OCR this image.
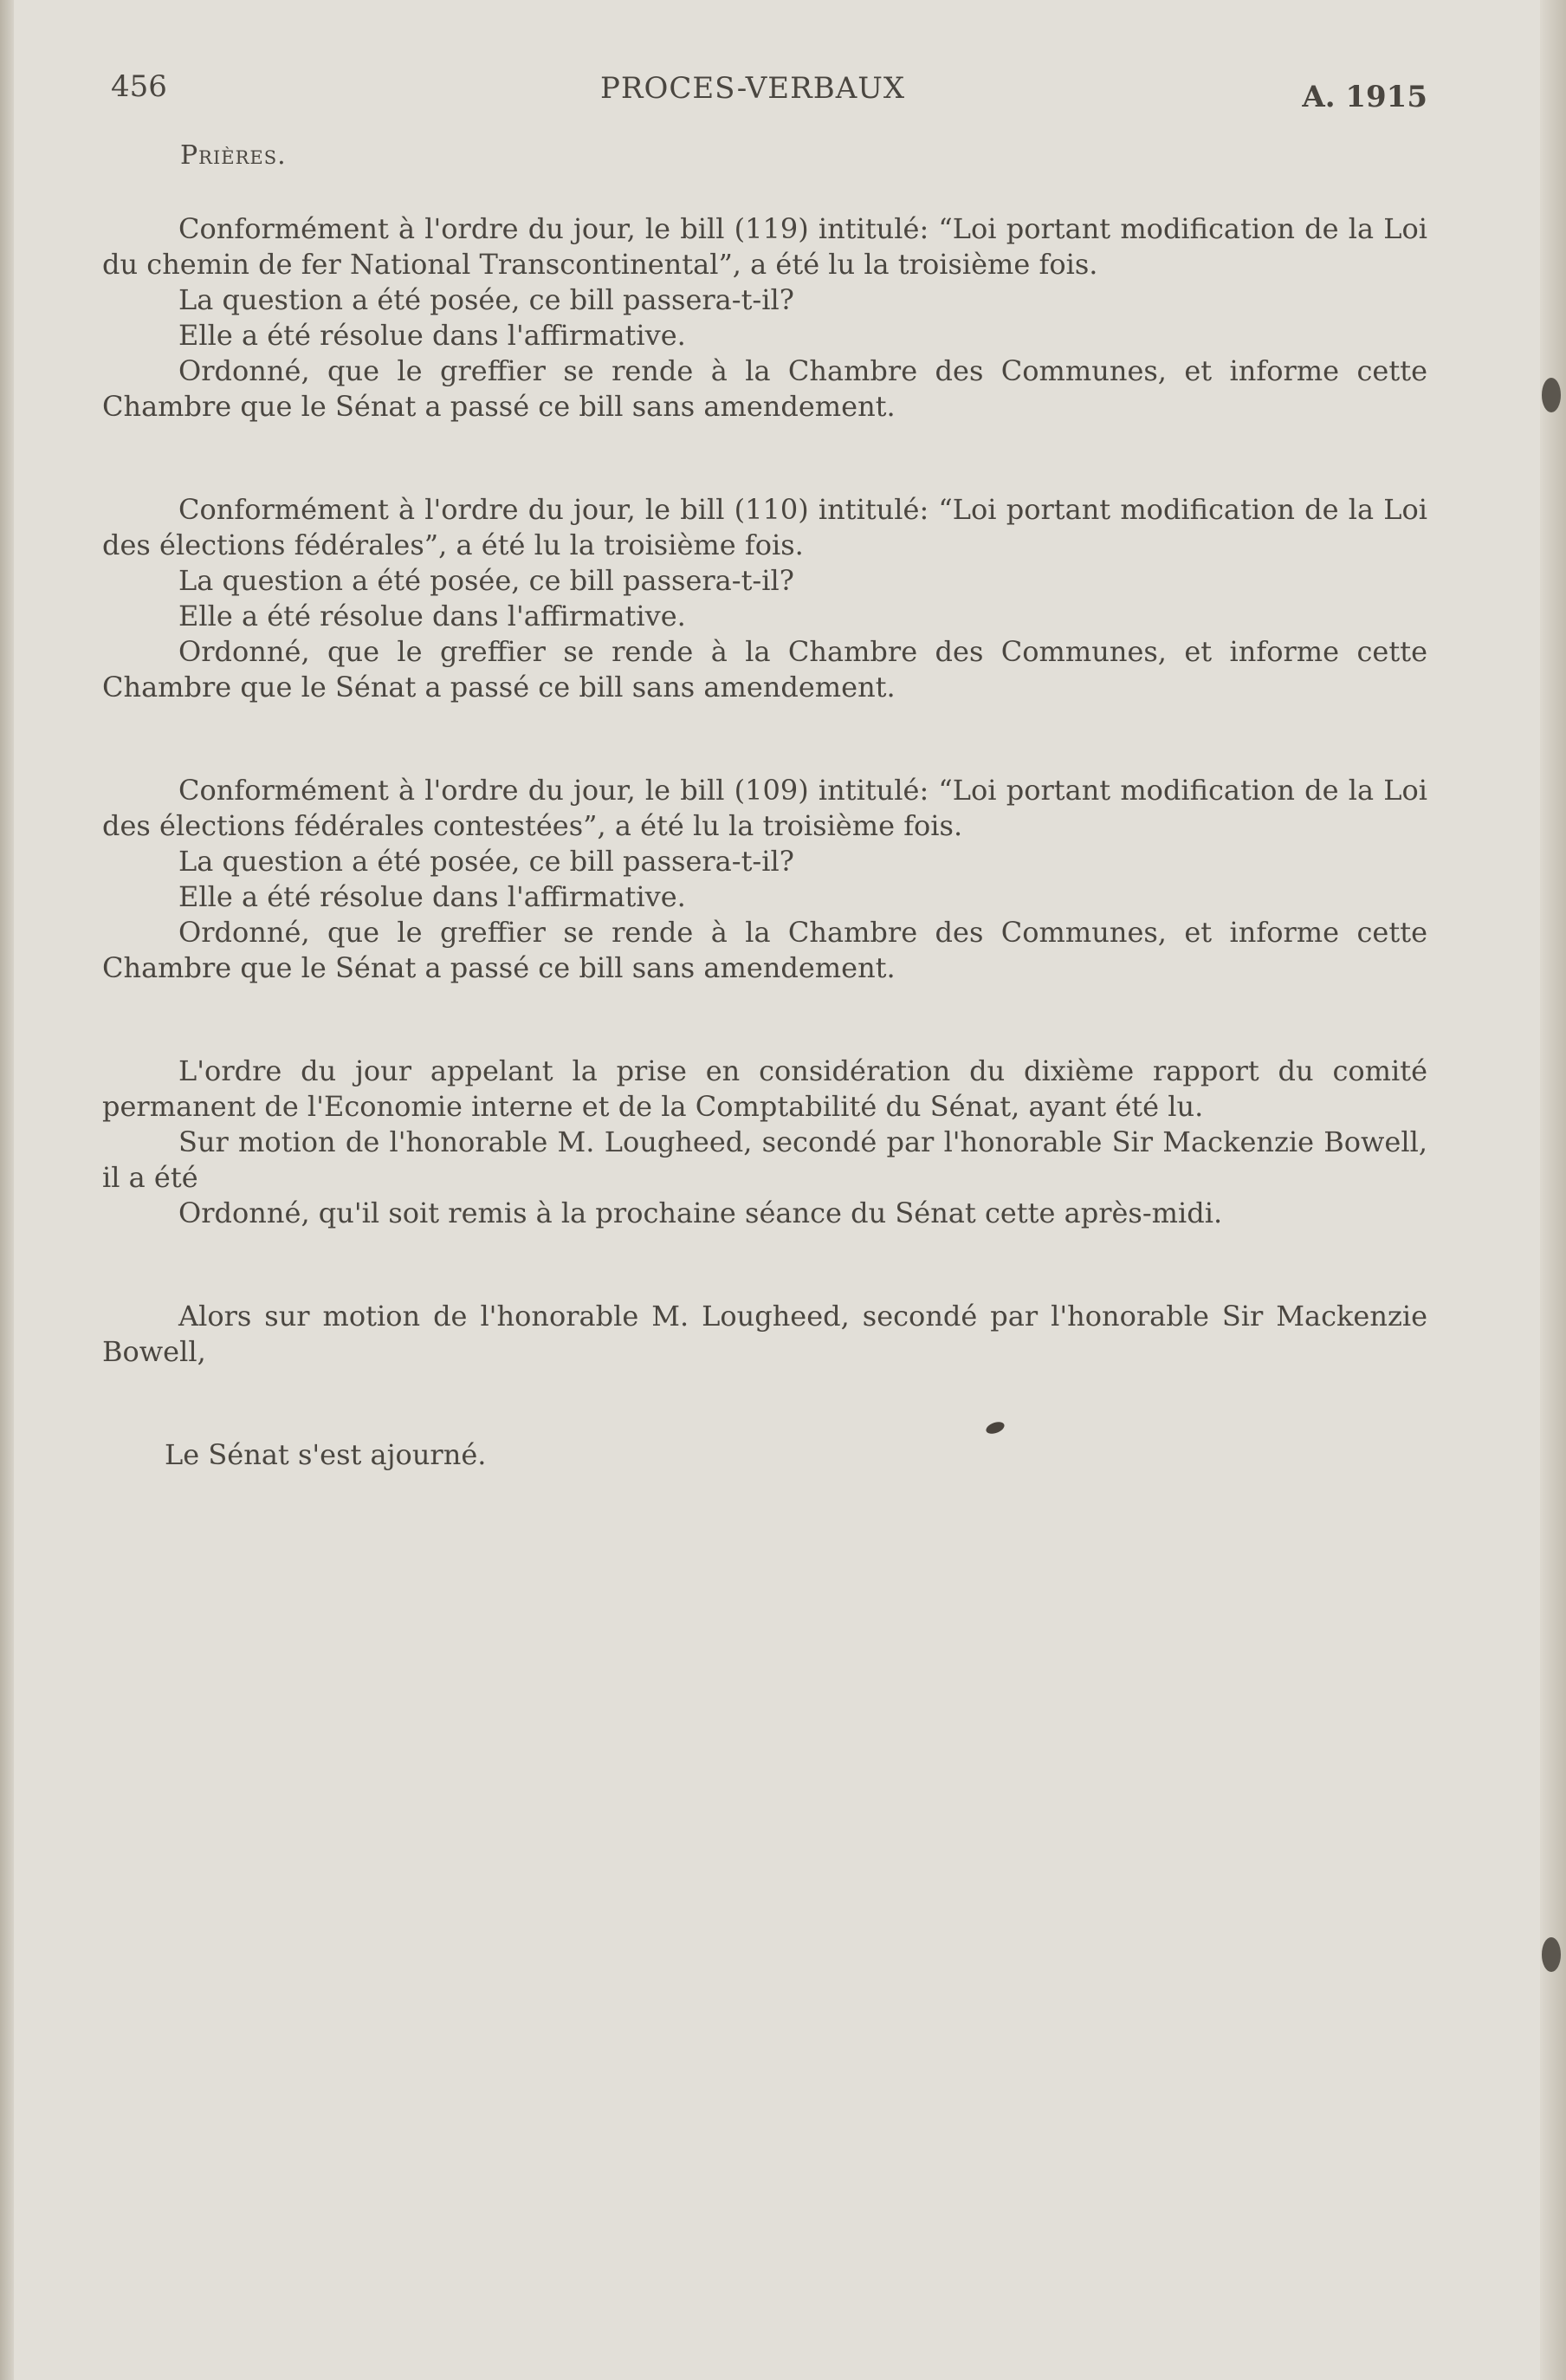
456	PROCES-VERBAUX	A. 1915
Prières.

Conformément à l'ordre du jour, le bill (119) intitulé: “Loi portant modification de la Loi du chemin de fer National Transcontinental”, a été lu la troisième fois.

La question a été posée, ce bill passera-t-il?

Elle a été résolue dans l'affirmative.

Ordonné, que le greffier se rende à la Chambre des Communes, et informe cette Chambre que le Sénat a passé ce bill sans amendement.

Conformément à l'ordre du jour, le bill (110) intitulé: “Loi portant modification de la Loi des élections fédérales”, a été lu la troisième fois.

La question a été posée, ce bill passera-t-il?

Elle a été résolue dans l'affirmative.

Ordonné, que le greffier se rende à la Chambre des Communes, et informe cette Chambre que le Sénat a passé ce bill sans amendement.

Conformément à l'ordre du jour, le bill (109) intitulé: “Loi portant modification de la Loi des élections fédérales contestées”, a été lu la troisième fois.

La question a été posée, ce bill passera-t-il?

Elle a été résolue dans l'affirmative.

Ordonné, que le greffier se rende à la Chambre des Communes, et informe cette Chambre que le Sénat a passé ce bill sans amendement.

L'ordre du jour appelant la prise en considération du dixième rapport du comité permanent de l'Economie interne et de la Comptabilité du Sénat, ayant été lu.

Sur motion de l'honorable M. Lougheed, secondé par l'honorable Sir Mackenzie Bowell, il a été

Ordonné, qu'il soit remis à la prochaine séance du Sénat cette après-midi.

Alors sur motion de l'honorable M. Lougheed, secondé par l'honorable Sir Mackenzie Bowell,

Le Sénat s'est ajourné.
